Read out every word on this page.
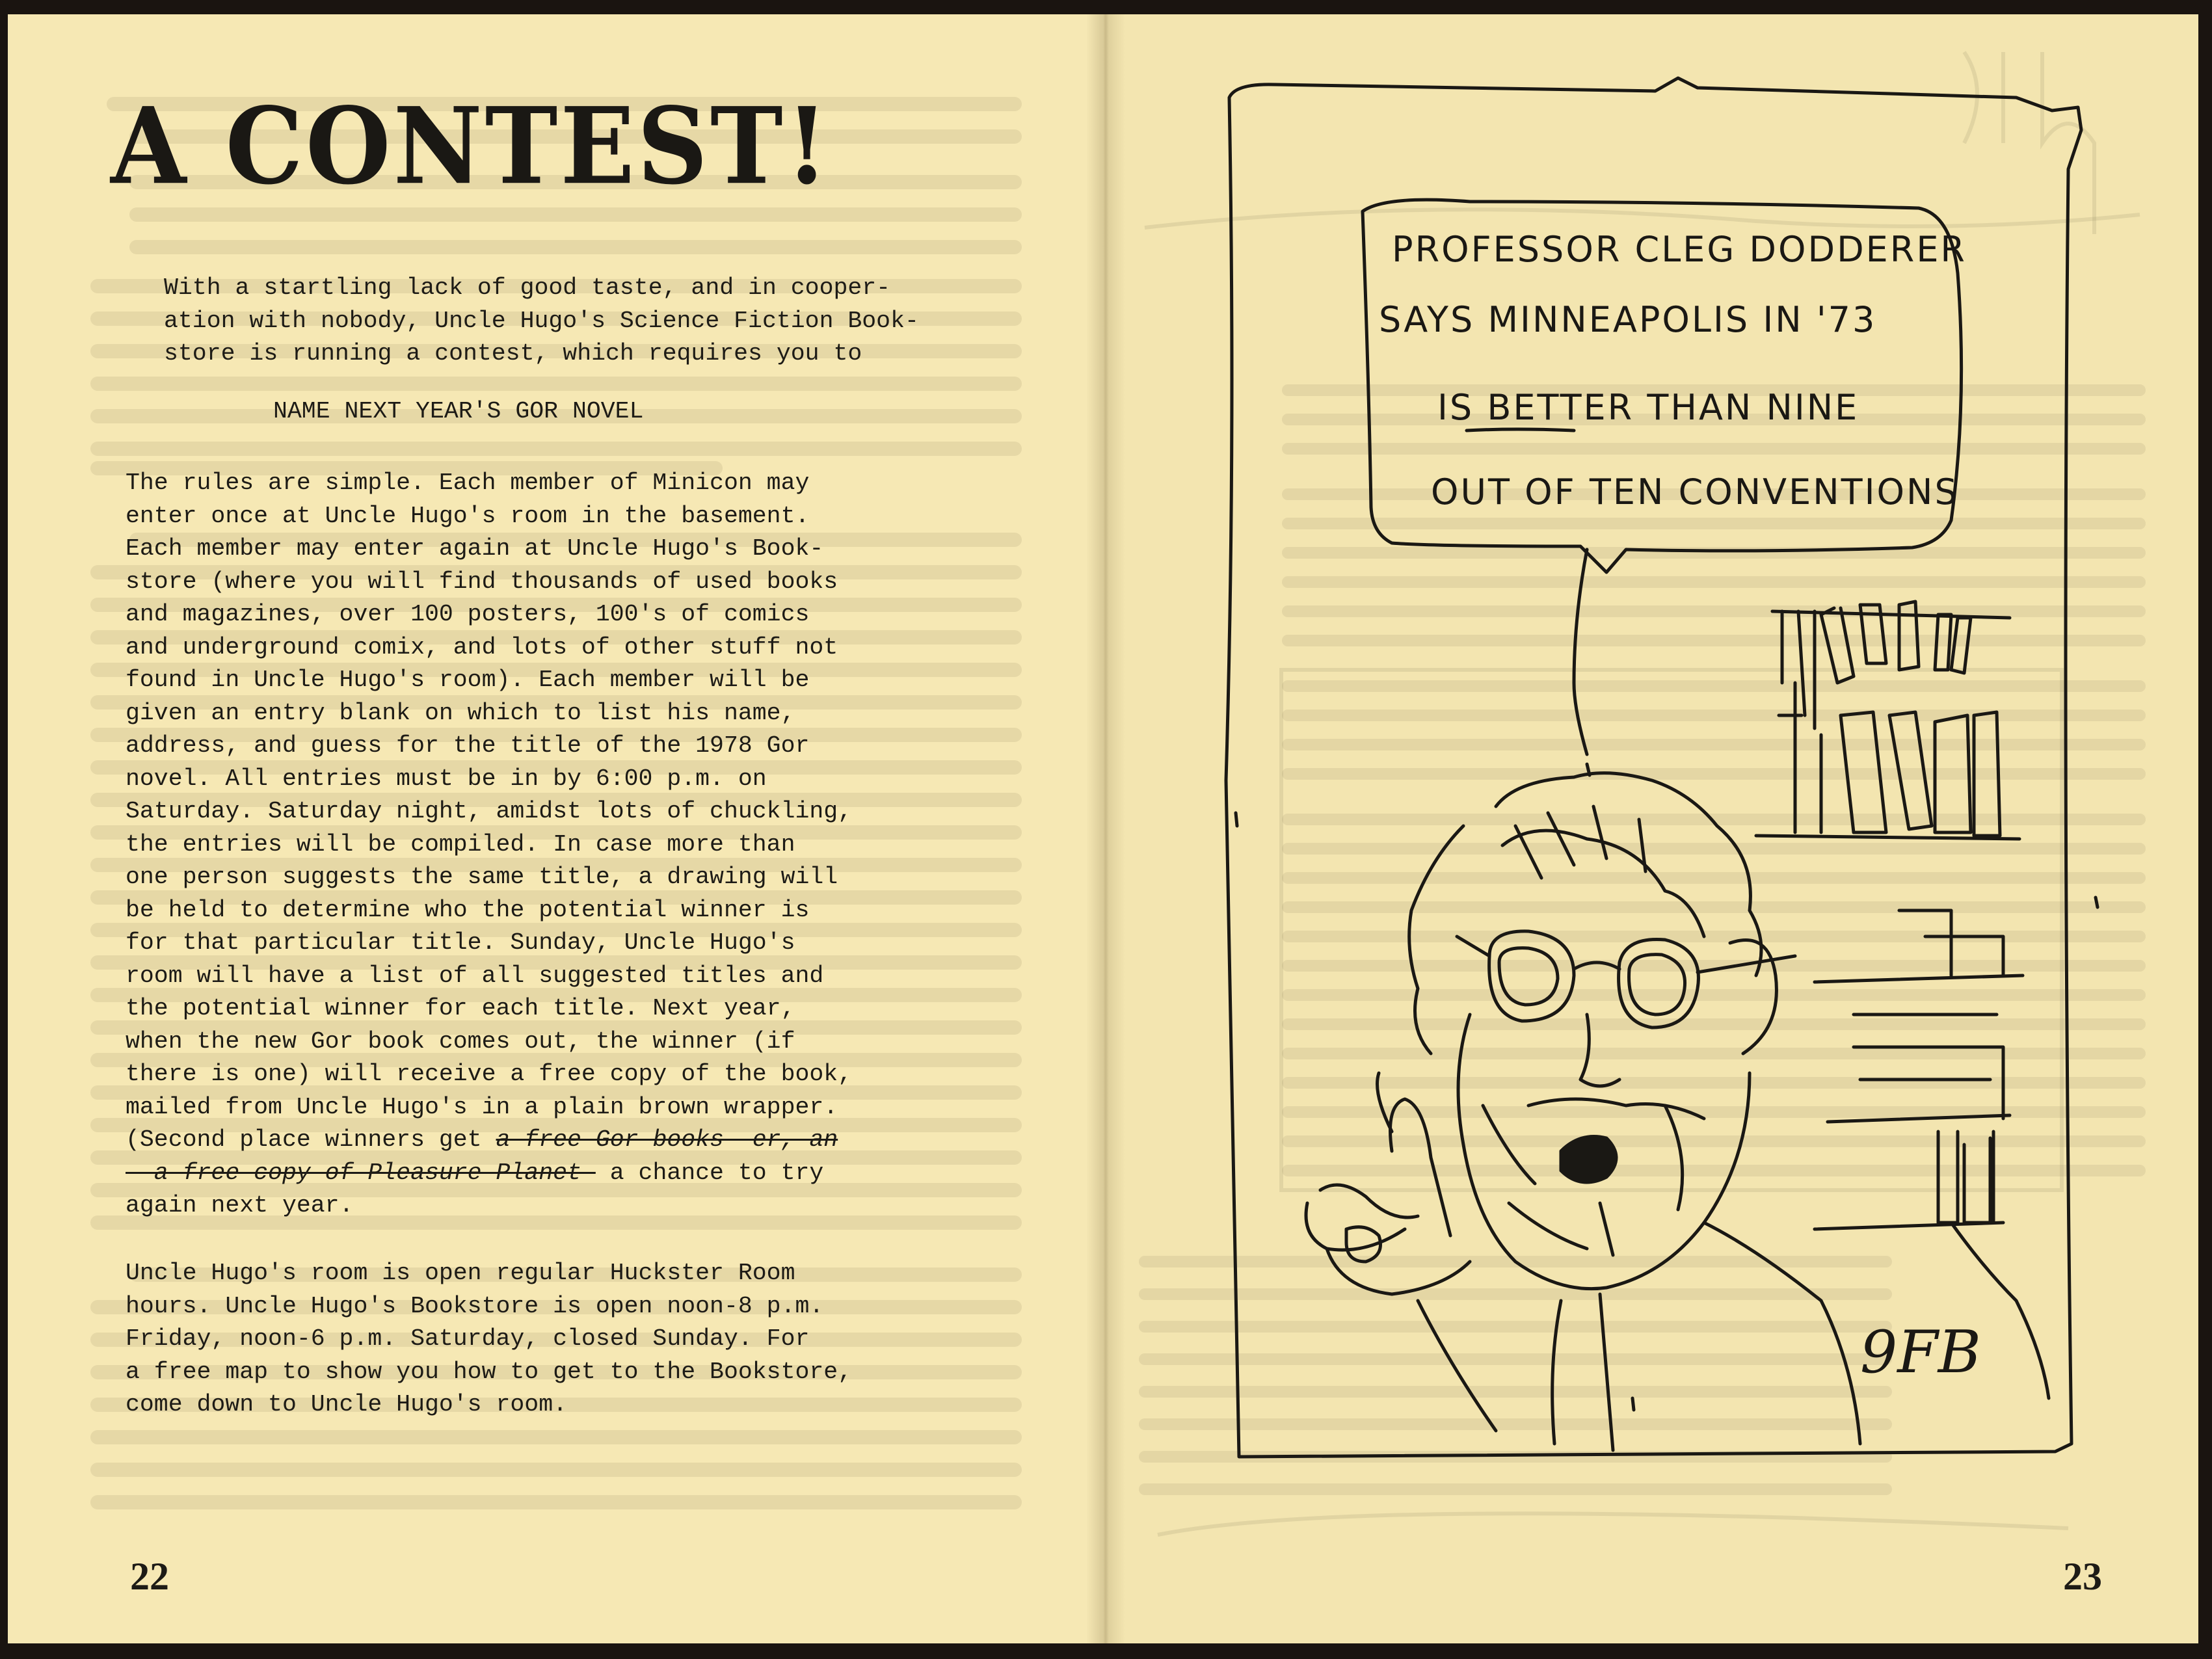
A CONTEST!

With a startling lack of good taste, and in cooper-

ation with nobody, Uncle Hugo's Science Fiction Book-

store is running a contest, which requires you to

NAME NEXT YEAR'S GOR NOVEL

The rules are simple. Each member of Minicon may
enter once at Uncle Hugo's room in the basement.
Each member may enter again at Uncle Hugo's Book-
store (where you will find thousands of used books
and magazines, over 100 posters, 100's of comics
and underground comix, and lots of other stuff not
found in Uncle Hugo's room). Each member will be
given an entry blank on which to list his name,
address, and guess for the title of the 1978 Gor
novel. All entries must be in by 6:00 p.m. on
Saturday. Saturday night, amidst lots of chuckling,
the entries will be compiled. In case more than
one person suggests the same title, a drawing will
be held to determine who the potential winner is
for that particular title. Sunday, Uncle Hugo's
room will have a list of all suggested titles and
the potential winner for each title. Next year,
when the new Gor book comes out, the winner (if
there is one) will receive a free copy of the book,
mailed from Uncle Hugo's in a plain brown wrapper.
(Second place winners get a free Gor books -er, an
- a free copy of Pleasure Planet- a chance to try
again next year.
Uncle Hugo's room is open regular Huckster Room
hours. Uncle Hugo's Bookstore is open noon-8 p.m.
Friday, noon-6 p.m. Saturday, closed Sunday. For
a free map to show you how to get to the Bookstore,
come down to Uncle Hugo's room.
22
PROFESSOR CLEG DODDERER
SAYS MINNEAPOLIS IN '73
IS BETTER THAN NINE
OUT OF TEN CONVENTIONS
9FB
23
